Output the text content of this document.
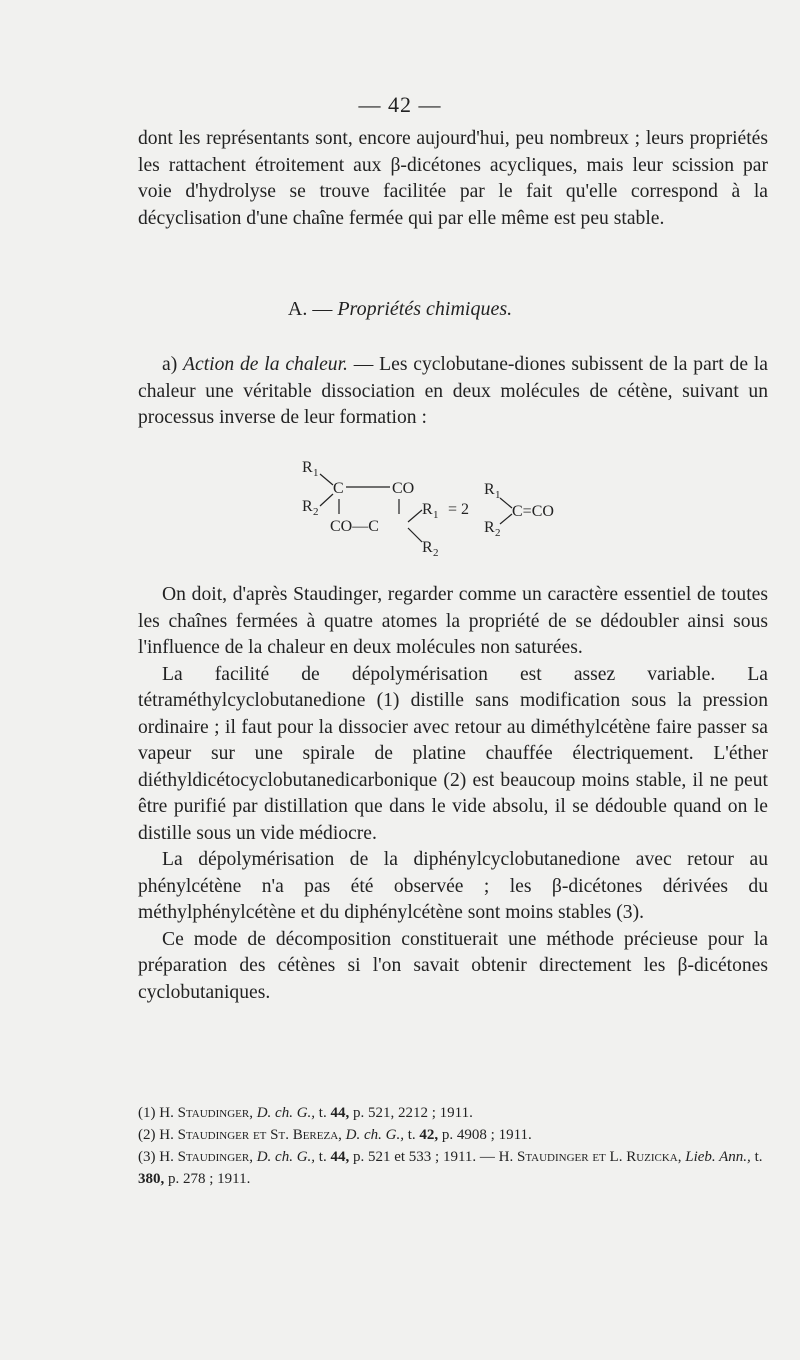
— 42 —

dont les représentants sont, encore aujourd'hui, peu nombreux ; leurs propriétés les rattachent étroitement aux β-dicétones acycliques, mais leur scission par voie d'hydrolyse se trouve facilitée par le fait qu'elle correspond à la décyclisation d'une chaîne fermée qui par elle même est peu stable.

A. — Propriétés chimiques.

a) Action de la chaleur. — Les cyclobutane-diones subissent de la part de la chaleur une véritable dissociation en deux molécules de cétène, suivant un processus inverse de leur formation :

R 1
C	CO
R 2
CO—C
R 1
R 2
= 2
R 1
R 2
C=CO

On doit, d'après Staudinger, regarder comme un caractère essentiel de toutes les chaînes fermées à quatre atomes la propriété de se dédoubler ainsi sous l'influence de la chaleur en deux molécules non saturées.

La facilité de dépolymérisation est assez variable. La tétraméthylcyclobutanedione (1) distille sans modification sous la pression ordinaire ; il faut pour la dissocier avec retour au diméthylcétène faire passer sa vapeur sur une spirale de platine chauffée électriquement. L'éther diéthyldicétocyclobutanedicarbonique (2) est beaucoup moins stable, il ne peut être purifié par distillation que dans le vide absolu, il se dédouble quand on le distille sous un vide médiocre.

La dépolymérisation de la diphénylcyclobutanedione avec retour au phénylcétène n'a pas été observée ; les β-dicétones dérivées du méthylphénylcétène et du diphénylcétène sont moins stables (3).

Ce mode de décomposition constituerait une méthode précieuse pour la préparation des cétènes si l'on savait obtenir directement les β-dicétones cyclobutaniques.

(1) H. Staudinger, D. ch. G., t. 44, p. 521, 2212 ; 1911.

(2) H. Staudinger et St. Bereza, D. ch. G., t. 42, p. 4908 ; 1911.

(3) H. Staudinger, D. ch. G., t. 44, p. 521 et 533 ; 1911. — H. Staudinger et L. Ruzicka, Lieb. Ann., t. 380, p. 278 ; 1911.
